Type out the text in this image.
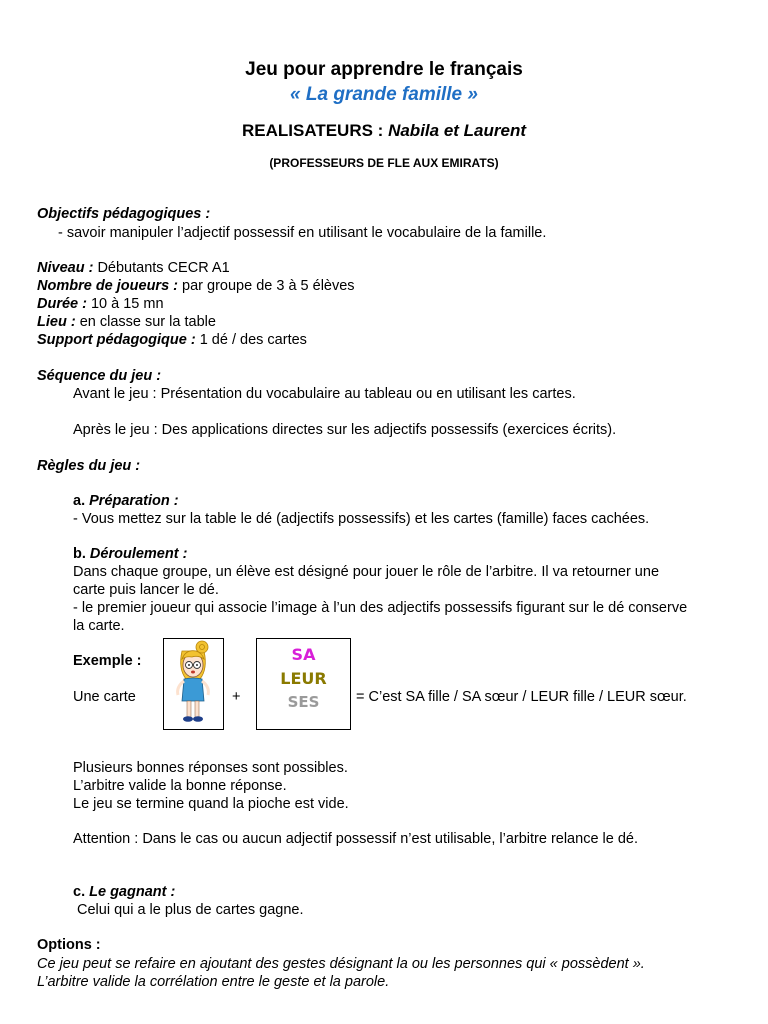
Jeu pour apprendre le français
« La grande famille »
REALISATEURS : Nabila et Laurent
(PROFESSEURS DE FLE AUX EMIRATS)
Objectifs pédagogiques :
- savoir manipuler l’adjectif possessif en utilisant le vocabulaire de la famille.
Niveau : Débutants CECR A1
Nombre de joueurs : par groupe de 3 à 5 élèves
Durée : 10 à 15 mn
Lieu : en classe sur la table
Support pédagogique : 1 dé / des cartes
Séquence du jeu :
Avant le jeu : Présentation du vocabulaire au tableau ou en utilisant les cartes.
Après le jeu : Des applications directes sur les adjectifs possessifs (exercices écrits).
Règles du jeu :
a. Préparation :
- Vous mettez sur la table le dé (adjectifs possessifs) et les cartes (famille) faces cachées.
b. Déroulement :
Dans chaque groupe, un élève est désigné pour jouer le rôle de l’arbitre. Il va retourner une
carte puis lancer le dé.
- le premier joueur qui associe l’image à l’un des adjectifs possessifs figurant sur le dé conserve
la carte.
Exemple :
Une carte	+
SA
LEUR
SES	= C’est SA fille / SA sœur / LEUR fille / LEUR sœur.
Plusieurs bonnes réponses sont possibles.
L’arbitre valide la bonne réponse.
Le jeu se termine quand la pioche est vide.
Attention : Dans le cas ou aucun adjectif possessif n’est utilisable, l’arbitre relance le dé.
c. Le gagnant :
Celui qui a le plus de cartes gagne.
Options :
Ce jeu peut se refaire en ajoutant des gestes désignant la ou les personnes qui « possèdent ».
L’arbitre valide la corrélation entre le geste et la parole.
